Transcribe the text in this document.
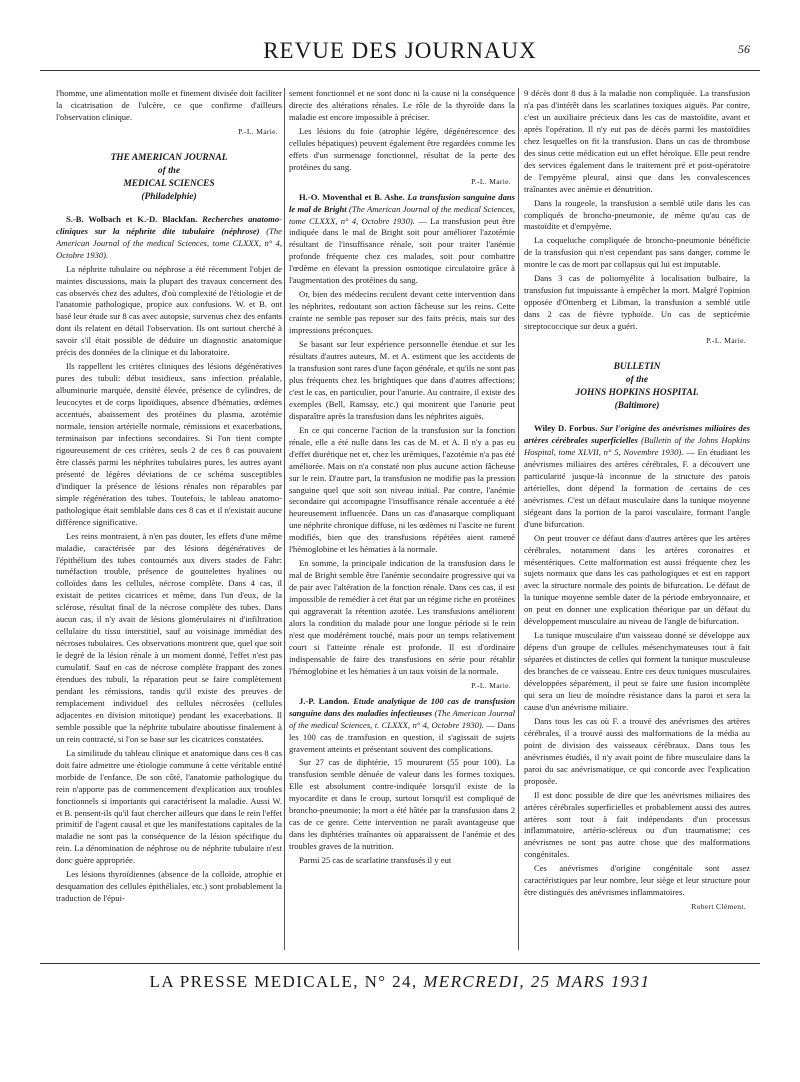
REVUE DES JOURNAUX	56

l'homme, une alimentation molle et finement divisée doit faciliter la cicatrisation de l'ulcère, ce que confirme d'ailleurs l'observation clinique.

P.-L. Marie.

THE AMERICAN JOURNAL
of the
MEDICAL SCIENCES
(Philadelphie)

S.-B. Wolbach et K.-D. Blackfan. Recherches anatomo-cliniques sur la néphrite dite tubulaire (néphrose) (The American Journal of the medical Sciences, tome CLXXX, n° 4, Octobre 1930).

La néphrite tubulaire ou néphrose a été récemment l'objet de maintes discussions, mais la plupart des travaux concernent des cas observés chez des adultes, d'où complexité de l'étiologie et de l'anatomie pathologique, propice aux confusions. W. et B. ont basé leur étude sur 8 cas avec autopsie, survenus chez des enfants dont ils relatent en détail l'observation. Ils ont surtout cherché à savoir s'il était possible de déduire un diagnostic anatomique précis des données de la clinique et du laboratoire.

Ils rappellent les critères cliniques des lésions dégénératives pures des tubuli: début insidieux, sans infection préalable, albuminurie marquée, densité élevée, présence de cylindres, de leucocytes et de corps lipoïdiques, absence d'hématies, œdèmes accentués, abaissement des protéines du plasma, azotémie normale, tension artérielle normale, rémissions et exacerbations, terminaison par infections secondaires. Si l'on tient compte rigoureusement de ces critères, seuls 2 de ces 8 cas pouvaient être classés parmi les néphrites tubulaires pures, les autres ayant présenté de légères déviations de ce schéma susceptibles d'indiquer la présence de lésions rénales non réparables par simple régénération des tubes. Toutefois, le tableau anatomo-pathologique était semblable dans ces 8 cas et il n'existait aucune différence significative.

Les reins montraient, à n'en pas douter, les effets d'une même maladie, caractérisée par des lésions dégénératives de l'épithélium des tubes contournés aux divers stades de Fahr: tuméfaction trouble, présence de gouttelettes hyalines ou colloïdes dans les cellules, nécrose complète. Dans 4 cas, il existait de petites cicatrices et même, dans l'un d'eux, de la sclérose, résultat final de la nécrose complète des tubes. Dans aucun cas, il n'y avait de lésions glomérulaires ni d'infiltration cellulaire du tissu interstitiel, sauf au voisinage immédiat des nécroses tubulaires. Ces observations montrent que, quel que soit le degré de la lésion rénale à un moment donné, l'effet n'est pas cumulatif. Sauf en cas de nécrose complète frappant des zones étendues des tubuli, la réparation peut se faire complètement pendant les rémissions, tandis qu'il existe des preuves de remplacement individuel des cellules nécrosées (cellules adjacentes en division mitotique) pendant les exacerbations. Il semble possible que la néphrite tubulaire aboutisse finalement à un rein contracté, si l'on se base sur les cicatrices constatées.

La similitude du tableau clinique et anatomique dans ces 8 cas doit faire admettre une étiologie commune à cette véritable entité morbide de l'enfance. De son côté, l'anatomie pathologique du rein n'apporte pas de commencement d'explication aux troubles fonctionnels si importants qui caractérisent la maladie. Aussi W. et B. pensent-ils qu'il faut chercher ailleurs que dans le rein l'effet primitif de l'agent causal et que les manifestations capitales de la maladie ne sont pas la conséquence de la lésion spécifique du rein. La dénomination de néphrose ou de néphrite tubulaire n'est donc guère appropriée.

Les lésions thyroïdiennes (absence de la colloïde, atrophie et desquamation des cellules épithéliales, etc.) sont probablement la traduction de l'épui-

sement fonctionnel et ne sont donc ni la cause ni la conséquence directe des altérations rénales. Le rôle de la thyroïde dans la maladie est encore impossible à préciser.

Les lésions du foie (atrophie légère, dégénérescence des cellules hépatiques) peuvent également être regardées comme les effets d'un surmenage fonctionnel, résultat de la perte des protéines du sang.

P.-L. Marie.

H.-O. Moventhal et B. Ashe. La transfusion sanguine dans le mal de Bright (The American Journal of the medical Sciences, tome CLXXX, n° 4, Octobre 1930). — La transfusion peut être indiquée dans le mal de Bright soit pour améliorer l'azotémie résultant de l'insuffisance rénale, soit pour traiter l'anémie profonde fréquente chez ces malades, soit pour combattre l'œdème en élevant la pression osmotique circulatoire grâce à l'augmentation des protéines du sang.

Or, bien des médecins reculent devant cette intervention dans les néphrites, redoutant son action fâcheuse sur les reins. Cette crainte ne semble pas reposer sur des faits précis, mais sur des impressions préconçues.

Se basant sur leur expérience personnelle étendue et sur les résultats d'autres auteurs, M. et A. estiment que les accidents de la transfusion sont rares d'une façon générale, et qu'ils ne sont pas plus fréquents chez les brightiques que dans d'autres affections; c'est le cas, en particulier, pour l'anurie. Au contraire, il existe des exemples (Bell, Ramsay, etc.) qui montrent que l'anurie peut disparaître après la transfusion dans les néphrites aiguës.

En ce qui concerne l'action de la transfusion sur la fonction rénale, elle a été nulle dans les cas de M. et A. Il n'y a pas eu d'effet diurétique net et, chez les urémiques, l'azotémie n'a pas été améliorée. Mais on n'a constaté non plus aucune action fâcheuse sur le rein. D'autre part, la transfusion ne modifie pas la pression sanguine quel que soit son niveau initial. Par contre, l'anémie secondaire qui accompagne l'insuffisance rénale accentuée a été heureusement influencée. Dans un cas d'anasarque compliquant une néphrite chronique diffuse, ni les œdèmes ni l'ascite ne furent modifiés, bien que des transfusions répétées aient ramené l'hémoglobine et les hématies à la normale.

En somme, la principale indication de la transfusion dans le mal de Bright semble être l'anémie secondaire progressive qui va de pair avec l'altération de la fonction rénale. Dans ces cas, il est impossible de remédier à cet état par un régime riche en protéines qui aggraverait la rétention azotée. Les transfusions améliorent alors la condition du malade pour une longue période si le rein n'est que modérément touché, mais pour un temps relativement court si l'atteinte rénale est profonde. Il est d'ordinaire indispensable de faire des transfusions en série pour rétablir l'hémoglobine et les hématies à un taux voisin de la normale.

P.-L. Marie.

J.-P. Landon. Etude analytique de 100 cas de transfusion sanguine dans des maladies infectieuses (The American Journal of the medical Sciences, t. CLXXX, n° 4, Octobre 1930). — Dans les 100 cas de transfusion en question, il s'agissait de sujets gravement atteints et présentant souvent des complications.

Sur 27 cas de diphtérie, 15 moururent (55 pour 100). La transfusion semble dénuée de valeur dans les formes toxiques. Elle est absolument contre-indiquée lorsqu'il existe de la myocardite et dans le croup, surtout lorsqu'il est compliqué de broncho-pneumonie; la mort a été hâtée par la transfusion dans 2 cas de ce genre. Cette intervention ne paraît avantageuse que dans les diphtéries traînantes où apparaissent de l'anémie et des troubles graves de la nutrition.

Parmi 25 cas de scarlatine transfusés il y eut

9 décès dont 8 dus à la maladie non compliquée. La transfusion n'a pas d'intérêt dans les scarlatines toxiques aiguës. Par contre, c'est un auxiliaire précieux dans les cas de mastoïdite, avant et après l'opération. Il n'y eut pas de décès parmi les mastoïdites chez lesquelles on fit la transfusion. Dans un cas de thrombose des sinus cette médication eut un effet héroïque. Elle peut rendre des services également dans le traitement pré et post-opératoire de l'empyème pleural, ainsi que dans les convalescences traînantes avec anémie et dénutrition.

Dans la rougeole, la transfusion a semblé utile dans les cas compliqués de broncho-pneumonie, de même qu'au cas de mastoïdite et d'empyème.

La coqueluche compliquée de broncho-pneumonie bénéficie de la transfusion qui n'est cependant pas sans danger, comme le montre le cas de mort par collapsus qui lui est imputable.

Dans 3 cas de poliomyélite à localisation bulbaire, la transfusion fut impuissante à empêcher la mort. Malgré l'opinion opposée d'Ottenberg et Libman, la transfusion a semblé utile dans 2 cas de fièvre typhoïde. Un cas de septicémie streptococcique sur deux a guéri.

P.-L. Marie.

BULLETIN
of the
JOHNS HOPKINS HOSPITAL
(Baltimore)

Wiley D. Forbus. Sur l'origine des anévrismes miliaires des artères cérébrales superficielles (Bulletin of the Johns Hopkins Hospital, tome XLVII, n° 5, Novembre 1930). — En étudiant les anévrismes miliaires des artères cérébrales, F. a découvert une particularité jusque-là inconnue de la structure des parois artérielles, dont dépend la formation de certains de ces anévrismes. C'est un défaut musculaire dans la tunique moyenne siégeant dans la portion de la paroi vasculaire, formant l'angle d'une bifurcation.

On peut trouver ce défaut dans d'autres artères que les artères cérébrales, notamment dans les artères coronaires et mésentériques. Cette malformation est aussi fréquente chez les sujets normaux que dans les cas pathologiques et est en rapport avec la structure normale des points de bifurcation. Le défaut de la tunique moyenne semble dater de la période embryonnaire, et on peut en donner une explication théorique par un défaut du développement musculaire au niveau de l'angle de bifurcation.

La tunique musculaire d'un vaisseau donné se développe aux dépens d'un groupe de cellules mésenchymateuses tout à fait séparées et distinctes de celles qui forment la tunique musculeuse des branches de ce vaisseau. Entre ces deux tuniques musculaires développées séparément, il peut se faire une fusion incomplète qui sera un lieu de moindre résistance dans la paroi et sera la cause d'un anévrisme miliaire.

Dans tous les cas où F. a trouvé des anévrismes des artères cérébrales, il a trouvé aussi des malformations de la média au point de division des vaisseaux cérébraux. Dans tous les anévrismes étudiés, il n'y avait point de fibre musculaire dans la paroi du sac anévrismatique, ce qui concorde avec l'explication proposée.

Il est donc possible de dire que les anévrismes miliaires des artères cérébrales superficielles et probablement aussi des autres artères sont tout à fait indépendants d'un processus inflammatoire, artério-scléreux ou d'un traumatisme; ces anévrismes ne sont pas autre chose que des malformations congénitales.

Ces anévrismes d'origine congénitale sont assez caractéristiques par leur nombre, leur siège et leur structure pour être distingués des anévrismes inflammatoires.

Robert Clément.

LA PRESSE MEDICALE, N° 24, MERCREDI, 25 MARS 1931
